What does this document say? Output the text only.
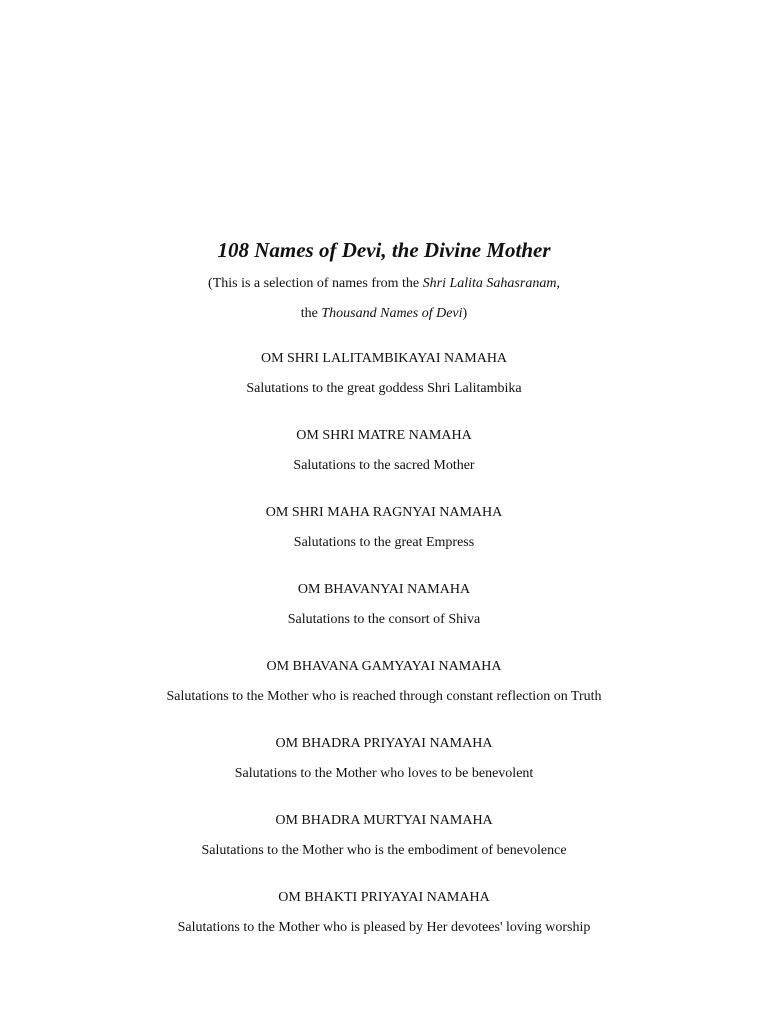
108 Names of Devi, the Divine Mother

(This is a selection of names from the Shri Lalita Sahasranam,

the Thousand Names of Devi)

OM SHRI LALITAMBIKAYAI NAMAHA

Salutations to the great goddess Shri Lalitambika

OM SHRI MATRE NAMAHA

Salutations to the sacred Mother

OM SHRI MAHA RAGNYAI NAMAHA

Salutations to the great Empress

OM BHAVANYAI NAMAHA

Salutations to the consort of Shiva

OM BHAVANA GAMYAYAI NAMAHA

Salutations to the Mother who is reached through constant reflection on Truth

OM BHADRA PRIYAYAI NAMAHA

Salutations to the Mother who loves to be benevolent

OM BHADRA MURTYAI NAMAHA

Salutations to the Mother who is the embodiment of benevolence

OM BHAKTI PRIYAYAI NAMAHA

Salutations to the Mother who is pleased by Her devotees' loving worship
